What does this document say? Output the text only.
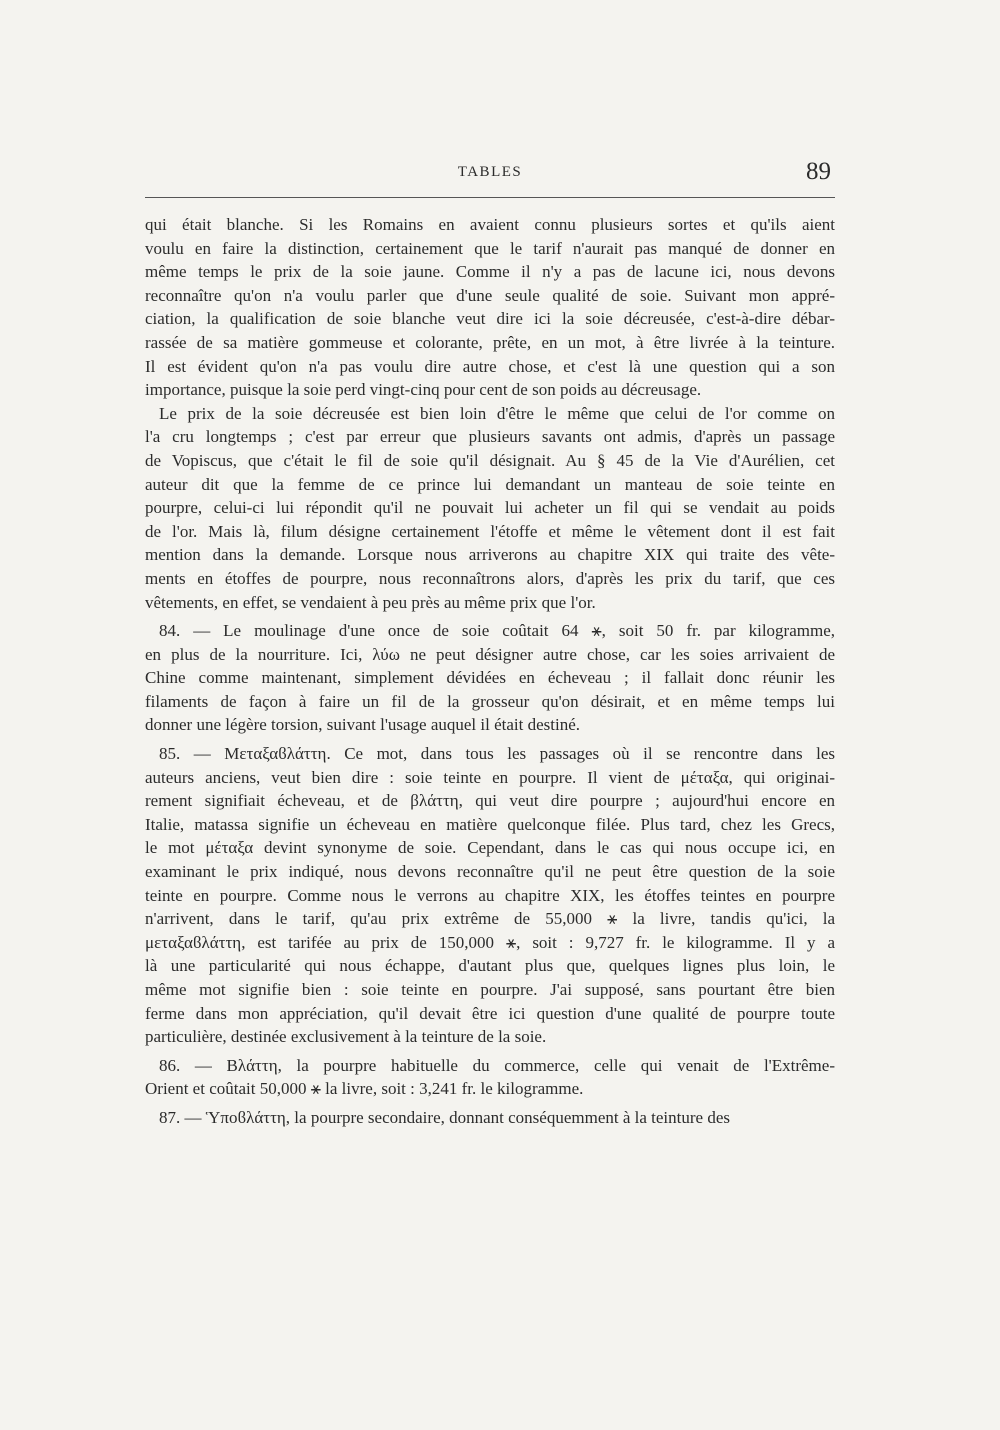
TABLES	89
qui était blanche. Si les Romains en avaient connu plusieurs sortes et qu'ils aient
voulu en faire la distinction, certainement que le tarif n'aurait pas manqué de donner en
même temps le prix de la soie jaune. Comme il n'y a pas de lacune ici, nous devons
reconnaître qu'on n'a voulu parler que d'une seule qualité de soie. Suivant mon appré-
ciation, la qualification de soie blanche veut dire ici la soie décreusée, c'est-à-dire débar-
rassée de sa matière gommeuse et colorante, prête, en un mot, à être livrée à la teinture.
Il est évident qu'on n'a pas voulu dire autre chose, et c'est là une question qui a son
importance, puisque la soie perd vingt-cinq pour cent de son poids au décreusage.
Le prix de la soie décreusée est bien loin d'être le même que celui de l'or comme on
l'a cru longtemps ; c'est par erreur que plusieurs savants ont admis, d'après un passage
de Vopiscus, que c'était le fil de soie qu'il désignait. Au § 45 de la Vie d'Aurélien, cet
auteur dit que la femme de ce prince lui demandant un manteau de soie teinte en
pourpre, celui-ci lui répondit qu'il ne pouvait lui acheter un fil qui se vendait au poids
de l'or. Mais là, filum désigne certainement l'étoffe et même le vêtement dont il est fait
mention dans la demande. Lorsque nous arriverons au chapitre XIX qui traite des vête-
ments en étoffes de pourpre, nous reconnaîtrons alors, d'après les prix du tarif, que ces
vêtements, en effet, se vendaient à peu près au même prix que l'or.
84. — Le moulinage d'une once de soie coûtait 64 ⚹, soit 50 fr. par kilogramme,
en plus de la nourriture. Ici, λύω ne peut désigner autre chose, car les soies arrivaient de
Chine comme maintenant, simplement dévidées en écheveau ; il fallait donc réunir les
filaments de façon à faire un fil de la grosseur qu'on désirait, et en même temps lui
donner une légère torsion, suivant l'usage auquel il était destiné.
85. — Μεταξαϐλάττη. Ce mot, dans tous les passages où il se rencontre dans les
auteurs anciens, veut bien dire : soie teinte en pourpre. Il vient de μέταξα, qui originai-
rement signifiait écheveau, et de βλάττη, qui veut dire pourpre ; aujourd'hui encore en
Italie, matassa signifie un écheveau en matière quelconque filée. Plus tard, chez les Grecs,
le mot μέταξα devint synonyme de soie. Cependant, dans le cas qui nous occupe ici, en
examinant le prix indiqué, nous devons reconnaître qu'il ne peut être question de la soie
teinte en pourpre. Comme nous le verrons au chapitre XIX, les étoffes teintes en pourpre
n'arrivent, dans le tarif, qu'au prix extrême de 55,000 ⚹ la livre, tandis qu'ici, la
μεταξαϐλάττη, est tarifée au prix de 150,000 ⚹, soit : 9,727 fr. le kilogramme. Il y a
là une particularité qui nous échappe, d'autant plus que, quelques lignes plus loin, le
même mot signifie bien : soie teinte en pourpre. J'ai supposé, sans pourtant être bien
ferme dans mon appréciation, qu'il devait être ici question d'une qualité de pourpre toute
particulière, destinée exclusivement à la teinture de la soie.
86. — Βλάττη, la pourpre habituelle du commerce, celle qui venait de l'Extrême-
Orient et coûtait 50,000 ⚹ la livre, soit : 3,241 fr. le kilogramme.
87. — Ὑποϐλάττη, la pourpre secondaire, donnant conséquemment à la teinture des
